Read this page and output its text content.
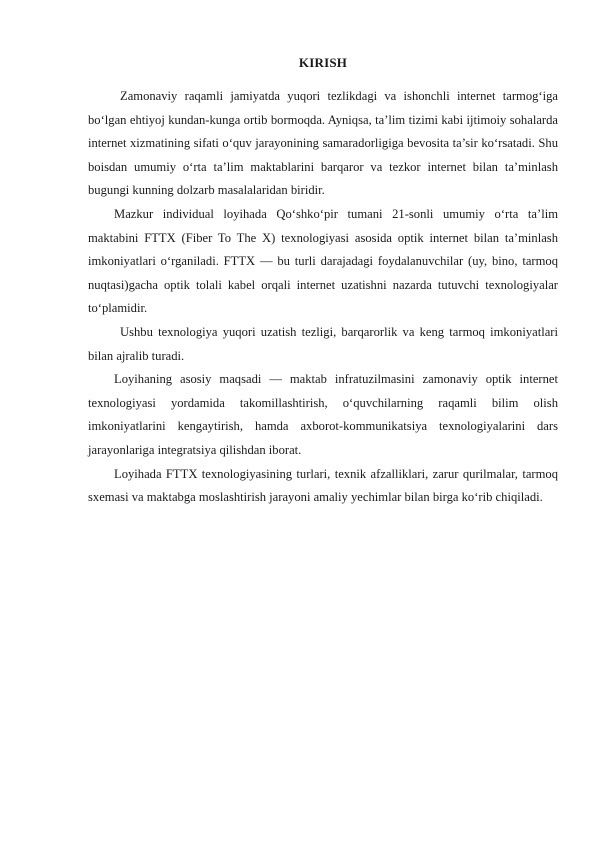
KIRISH

Zamonaviy raqamli jamiyatda yuqori tezlikdagi va ishonchli internet tarmog‘iga bo‘lgan ehtiyoj kundan-kunga ortib bormoqda. Ayniqsa, ta’lim tizimi kabi ijtimoiy sohalarda internet xizmatining sifati o‘quv jarayonining samaradorligiga bevosita ta’sir ko‘rsatadi. Shu boisdan umumiy o‘rta ta’lim maktablarini barqaror va tezkor internet bilan ta’minlash bugungi kunning dolzarb masalalaridan biridir.

Mazkur individual loyihada Qo‘shko‘pir tumani 21-sonli umumiy o‘rta ta’lim maktabini FTTX (Fiber To The X) texnologiyasi asosida optik internet bilan ta’minlash imkoniyatlari o‘rganiladi. FTTX — bu turli darajadagi foydalanuvchilar (uy, bino, tarmoq nuqtasi)gacha optik tolali kabel orqali internet uzatishni nazarda tutuvchi texnologiyalar to‘plamidir.

Ushbu texnologiya yuqori uzatish tezligi, barqarorlik va keng tarmoq imkoniyatlari bilan ajralib turadi.

Loyihaning asosiy maqsadi — maktab infratuzilmasini zamonaviy optik internet texnologiyasi yordamida takomillashtirish, o‘quvchilarning raqamli bilim olish imkoniyatlarini kengaytirish, hamda axborot-kommunikatsiya texnologiyalarini dars jarayonlariga integratsiya qilishdan iborat.

Loyihada FTTX texnologiyasining turlari, texnik afzalliklari, zarur qurilmalar, tarmoq sxemasi va maktabga moslashtirish jarayoni amaliy yechimlar bilan birga ko‘rib chiqiladi.
